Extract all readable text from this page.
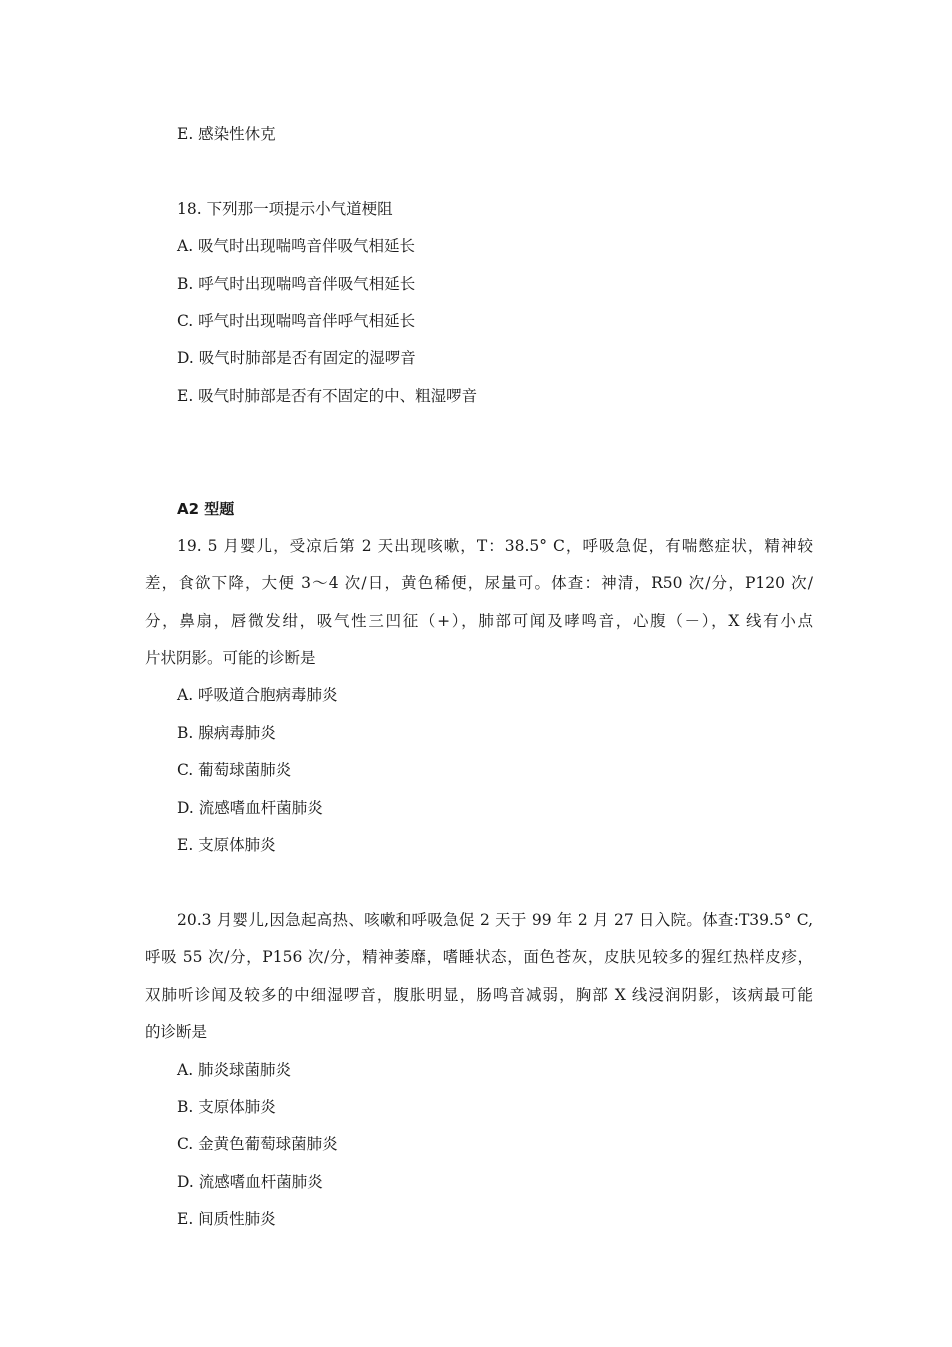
E. 感染性休克
18. 下列那一项提示小气道梗阻
A. 吸气时出现喘鸣音伴吸气相延长
B. 呼气时出现喘鸣音伴吸气相延长
C. 呼气时出现喘鸣音伴呼气相延长
D. 吸气时肺部是否有固定的湿啰音
E. 吸气时肺部是否有不固定的中、粗湿啰音
A2 型题
19. 5 月婴儿，受凉后第 2 天出现咳嗽，T：38.5° C，呼吸急促，有喘憋症状，精神较
差，食欲下降，大便 3～4 次/日，黄色稀便，尿量可。体查：神清，R50 次/分，P120 次/
分，鼻扇，唇微发绀，吸气性三凹征（+），肺部可闻及哮鸣音，心腹（－），X 线有小点
片状阴影。可能的诊断是
A. 呼吸道合胞病毒肺炎
B. 腺病毒肺炎
C. 葡萄球菌肺炎
D. 流感嗜血杆菌肺炎
E. 支原体肺炎
20.3 月婴儿,因急起高热、咳嗽和呼吸急促 2 天于 99 年 2 月 27 日入院。体查:T39.5° C,
呼吸 55 次/分，P156 次/分，精神萎靡，嗜睡状态，面色苍灰，皮肤见较多的猩红热样皮疹，
双肺听诊闻及较多的中细湿啰音，腹胀明显，肠鸣音减弱，胸部 X 线浸润阴影，该病最可能
的诊断是
A. 肺炎球菌肺炎
B. 支原体肺炎
C. 金黄色葡萄球菌肺炎
D. 流感嗜血杆菌肺炎
E. 间质性肺炎
